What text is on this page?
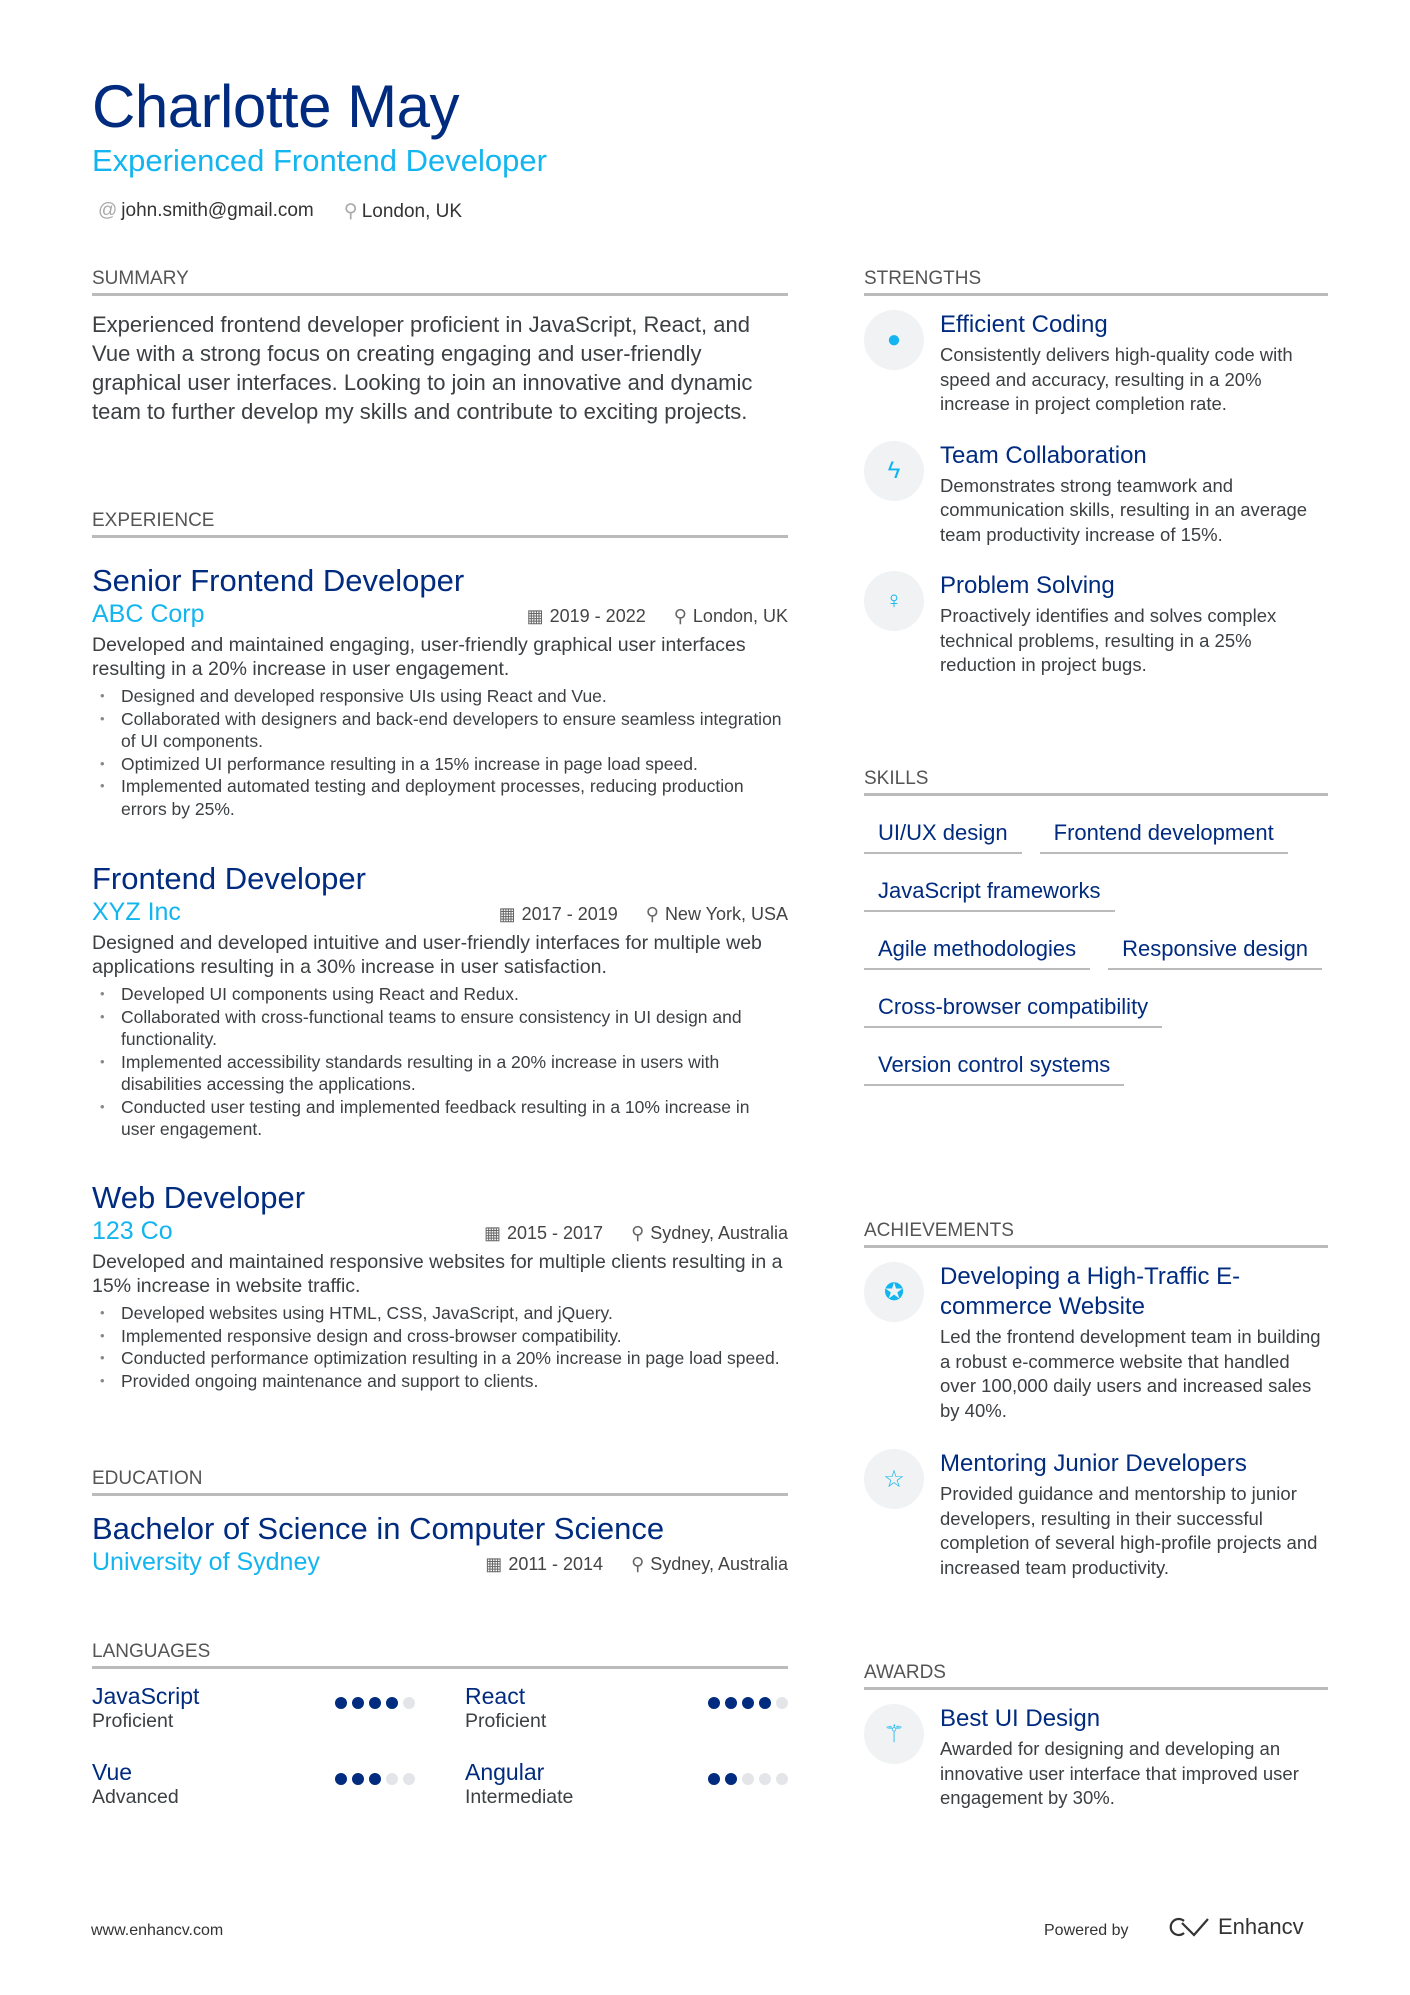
Charlotte May
Experienced Frontend Developer
@ john.smith@gmail.com ⚲ London, UK
SUMMARY

Experienced frontend developer proficient in JavaScript, React, and Vue with a strong focus on creating engaging and user-friendly graphical user interfaces. Looking to join an innovative and dynamic team to further develop my skills and contribute to exciting projects.

EXPERIENCE
Senior Frontend Developer
ABC Corp	▦ 2019 - 2022 ⚲ London, UK

Developed and maintained engaging, user-friendly graphical user interfaces resulting in a 20% increase in user engagement.

• Designed and developed responsive UIs using React and Vue.
• Collaborated with designers and back-end developers to ensure seamless integration of UI components.
• Optimized UI performance resulting in a 15% increase in page load speed.
• Implemented automated testing and deployment processes, reducing production errors by 25%.
Frontend Developer
XYZ Inc	▦ 2017 - 2019 ⚲ New York, USA

Designed and developed intuitive and user-friendly interfaces for multiple web applications resulting in a 30% increase in user satisfaction.

• Developed UI components using React and Redux.
• Collaborated with cross-functional teams to ensure consistency in UI design and functionality.
• Implemented accessibility standards resulting in a 20% increase in users with disabilities accessing the applications.
• Conducted user testing and implemented feedback resulting in a 10% increase in user engagement.
Web Developer
123 Co	▦ 2015 - 2017 ⚲ Sydney, Australia

Developed and maintained responsive websites for multiple clients resulting in a 15% increase in website traffic.

• Developed websites using HTML, CSS, JavaScript, and jQuery.
• Implemented responsive design and cross-browser compatibility.
• Conducted performance optimization resulting in a 20% increase in page load speed.
• Provided ongoing maintenance and support to clients.
EDUCATION
Bachelor of Science in Computer Science
University of Sydney	▦ 2011 - 2014 ⚲ Sydney, Australia
LANGUAGES
JavaScript
Proficient
React
Proficient
Vue
Advanced
Angular
Intermediate
STRENGTHS
●
Efficient Coding
Consistently delivers high-quality code with speed and accuracy, resulting in a 20% increase in project completion rate.
ϟ
Team Collaboration
Demonstrates strong teamwork and communication skills, resulting in an average team productivity increase of 15%.
♀
Problem Solving
Proactively identifies and solves complex technical problems, resulting in a 25% reduction in project bugs.
SKILLS
UI/UX design	Frontend development
JavaScript frameworks
Agile methodologies	Responsive design
Cross-browser compatibility
Version control systems
ACHIEVEMENTS
✪
Developing a High-Traffic E-commerce Website
Led the frontend development team in building a robust e-commerce website that handled over 100,000 daily users and increased sales by 40%.
☆
Mentoring Junior Developers
Provided guidance and mentorship to junior developers, resulting in their successful completion of several high-profile projects and increased team productivity.
AWARDS
⚚
Best UI Design
Awarded for designing and developing an innovative user interface that improved user engagement by 30%.
www.enhancv.com	Powered by	Enhancv
